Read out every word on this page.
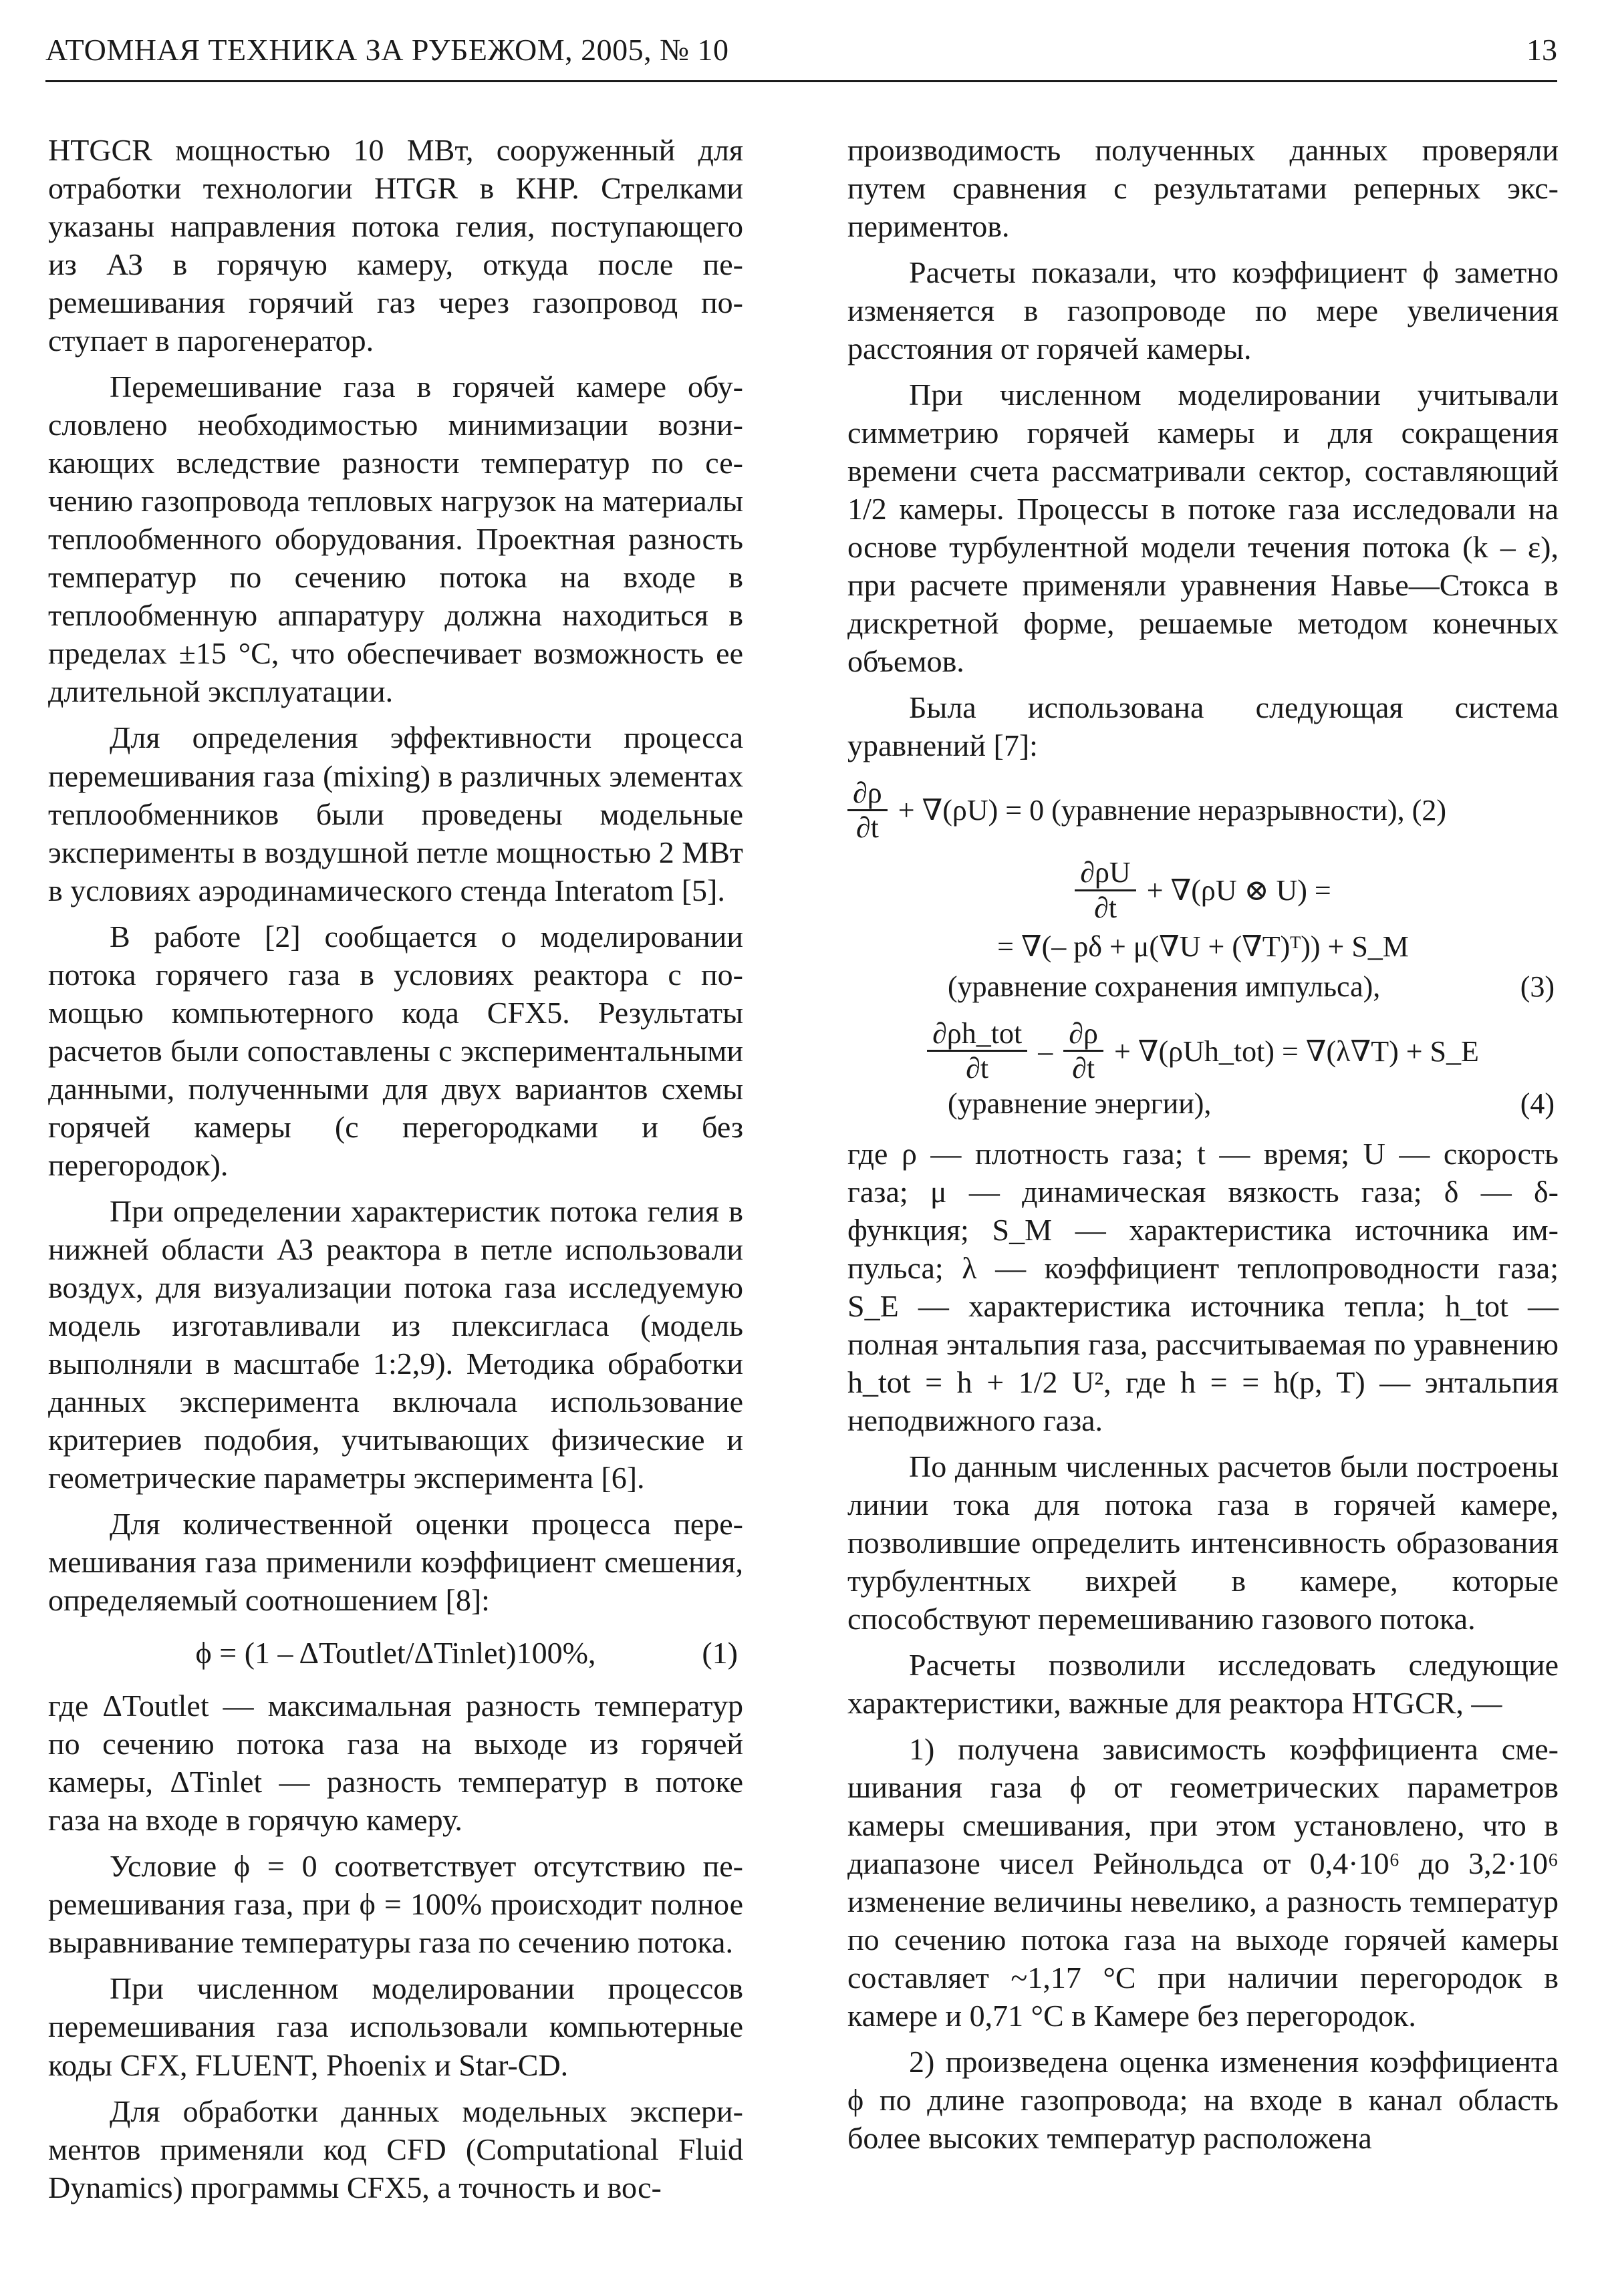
АТОМНАЯ ТЕХНИКА ЗА РУБЕЖОМ, 2005, № 10	13

HTGCR мощностью 10 МВт, сооруженный для отработки технологии HTGR в КНР. Стрелками указаны направления потока гелия, поступающего из АЗ в горячую камеру, откуда после перемешивания горячий газ через газопровод поступает в парогенератор.

Перемешивание газа в горячей камере обусловлено необходимостью минимизации возникающих вследствие разности температур по сечению газопровода тепловых нагрузок на материалы теплообменного оборудования. Проектная разность температур по сечению потока на входе в теплообменную аппаратуру должна находиться в пределах ±15 °С, что обеспечивает возможность ее длительной эксплуатации.

Для определения эффективности процесса перемешивания газа (mixing) в различных элементах теплообменников были проведены модельные эксперименты в воздушной петле мощностью 2 МВт в условиях аэродинамического стенда Interatom [5].

В работе [2] сообщается о моделировании потока горячего газа в условиях реактора с помощью компьютерного кода CFX5. Результаты расчетов были сопоставлены с экспериментальными данными, полученными для двух вариантов схемы горячей камеры (с перегородками и без перегородок).

При определении характеристик потока гелия в нижней области АЗ реактора в петле использовали воздух, для визуализации потока газа исследуемую модель изготавливали из плексигласа (модель выполняли в масштабе 1:2,9). Методика обработки данных эксперимента включала использование критериев подобия, учитывающих физические и геометрические параметры эксперимента [6].

Для количественной оценки процесса перемешивания газа применили коэффициент смешения, определяемый соотношением [8]:

ϕ = (1 – ΔToutlet/ΔTinlet)100%,	(1)

где ΔToutlet — максимальная разность температур по сечению потока газа на выходе из горячей камеры, ΔTinlet — разность температур в потоке газа на входе в горячую камеру.

Условие ϕ = 0 соответствует отсутствию перемешивания газа, при ϕ = 100% происходит полное выравнивание температуры газа по сечению потока.

При численном моделировании процессов перемешивания газа использовали компьютерные коды CFX, FLUENT, Phoenix и Star-CD.

Для обработки данных модельных экспериментов применяли код CFD (Computational Fluid Dynamics) программы CFX5, а точность и вос-

производимость полученных данных проверяли путем сравнения с результатами реперных экспериментов.

Расчеты показали, что коэффициент ϕ заметно изменяется в газопроводе по мере увеличения расстояния от горячей камеры.

При численном моделировании учитывали симметрию горячей камеры и для сокращения времени счета рассматривали сектор, составляющий 1/2 камеры. Процессы в потоке газа исследовали на основе турбулентной модели течения потока (k – ε), при расчете применяли уравнения Навье—Стокса в дискретной форме, решаемые методом конечных объемов.

Была использована следующая система уравнений [7]:

$\frac{\partial\rho}{\partial t} + \nabla(\rho U) = 0$ (уравнение неразрывности), (2)
$\frac{\partial\rho U}{\partial t} + \nabla(\rho U$ ⊗ U) =
= ∇(– pδ + μ(∇U + (∇T)ᵀ)) + S_M
(уравнение сохранения импульса),	(3)
$\frac{\text{∂ρh\_tot}}{\partial t} - \frac{\partial\rho}{\partial t}$ + ∇(ρUh_tot) = ∇(λ∇T) + S_E
(уравнение энергии),	(4)

где ρ — плотность газа; t — время; U — скорость газа; μ — динамическая вязкость газа; δ — δ-функция; S_M — характеристика источника импульса; λ — коэффициент теплопроводности газа; S_E — характеристика источника тепла; h_tot — полная энтальпия газа, рассчитываемая по уравнению h_tot = h + 1/2 U², где h = = h(p, T) — энтальпия неподвижного газа.

По данным численных расчетов были построены линии тока для потока газа в горячей камере, позволившие определить интенсивность образования турбулентных вихрей в камере, которые способствуют перемешиванию газового потока.

Расчеты позволили исследовать следующие характеристики, важные для реактора HTGCR, —

1) получена зависимость коэффициента смешивания газа ϕ от геометрических параметров камеры смешивания, при этом установлено, что в диапазоне чисел Рейнольдса от 0,4·10⁶ до 3,2·10⁶ изменение величины невелико, а разность температур по сечению потока газа на выходе горячей камеры составляет ~1,17 °С при наличии перегородок в камере и 0,71 °С в Камере без перегородок.

2) произведена оценка изменения коэффициента ϕ по длине газопровода; на входе в канал область более высоких температур расположена
